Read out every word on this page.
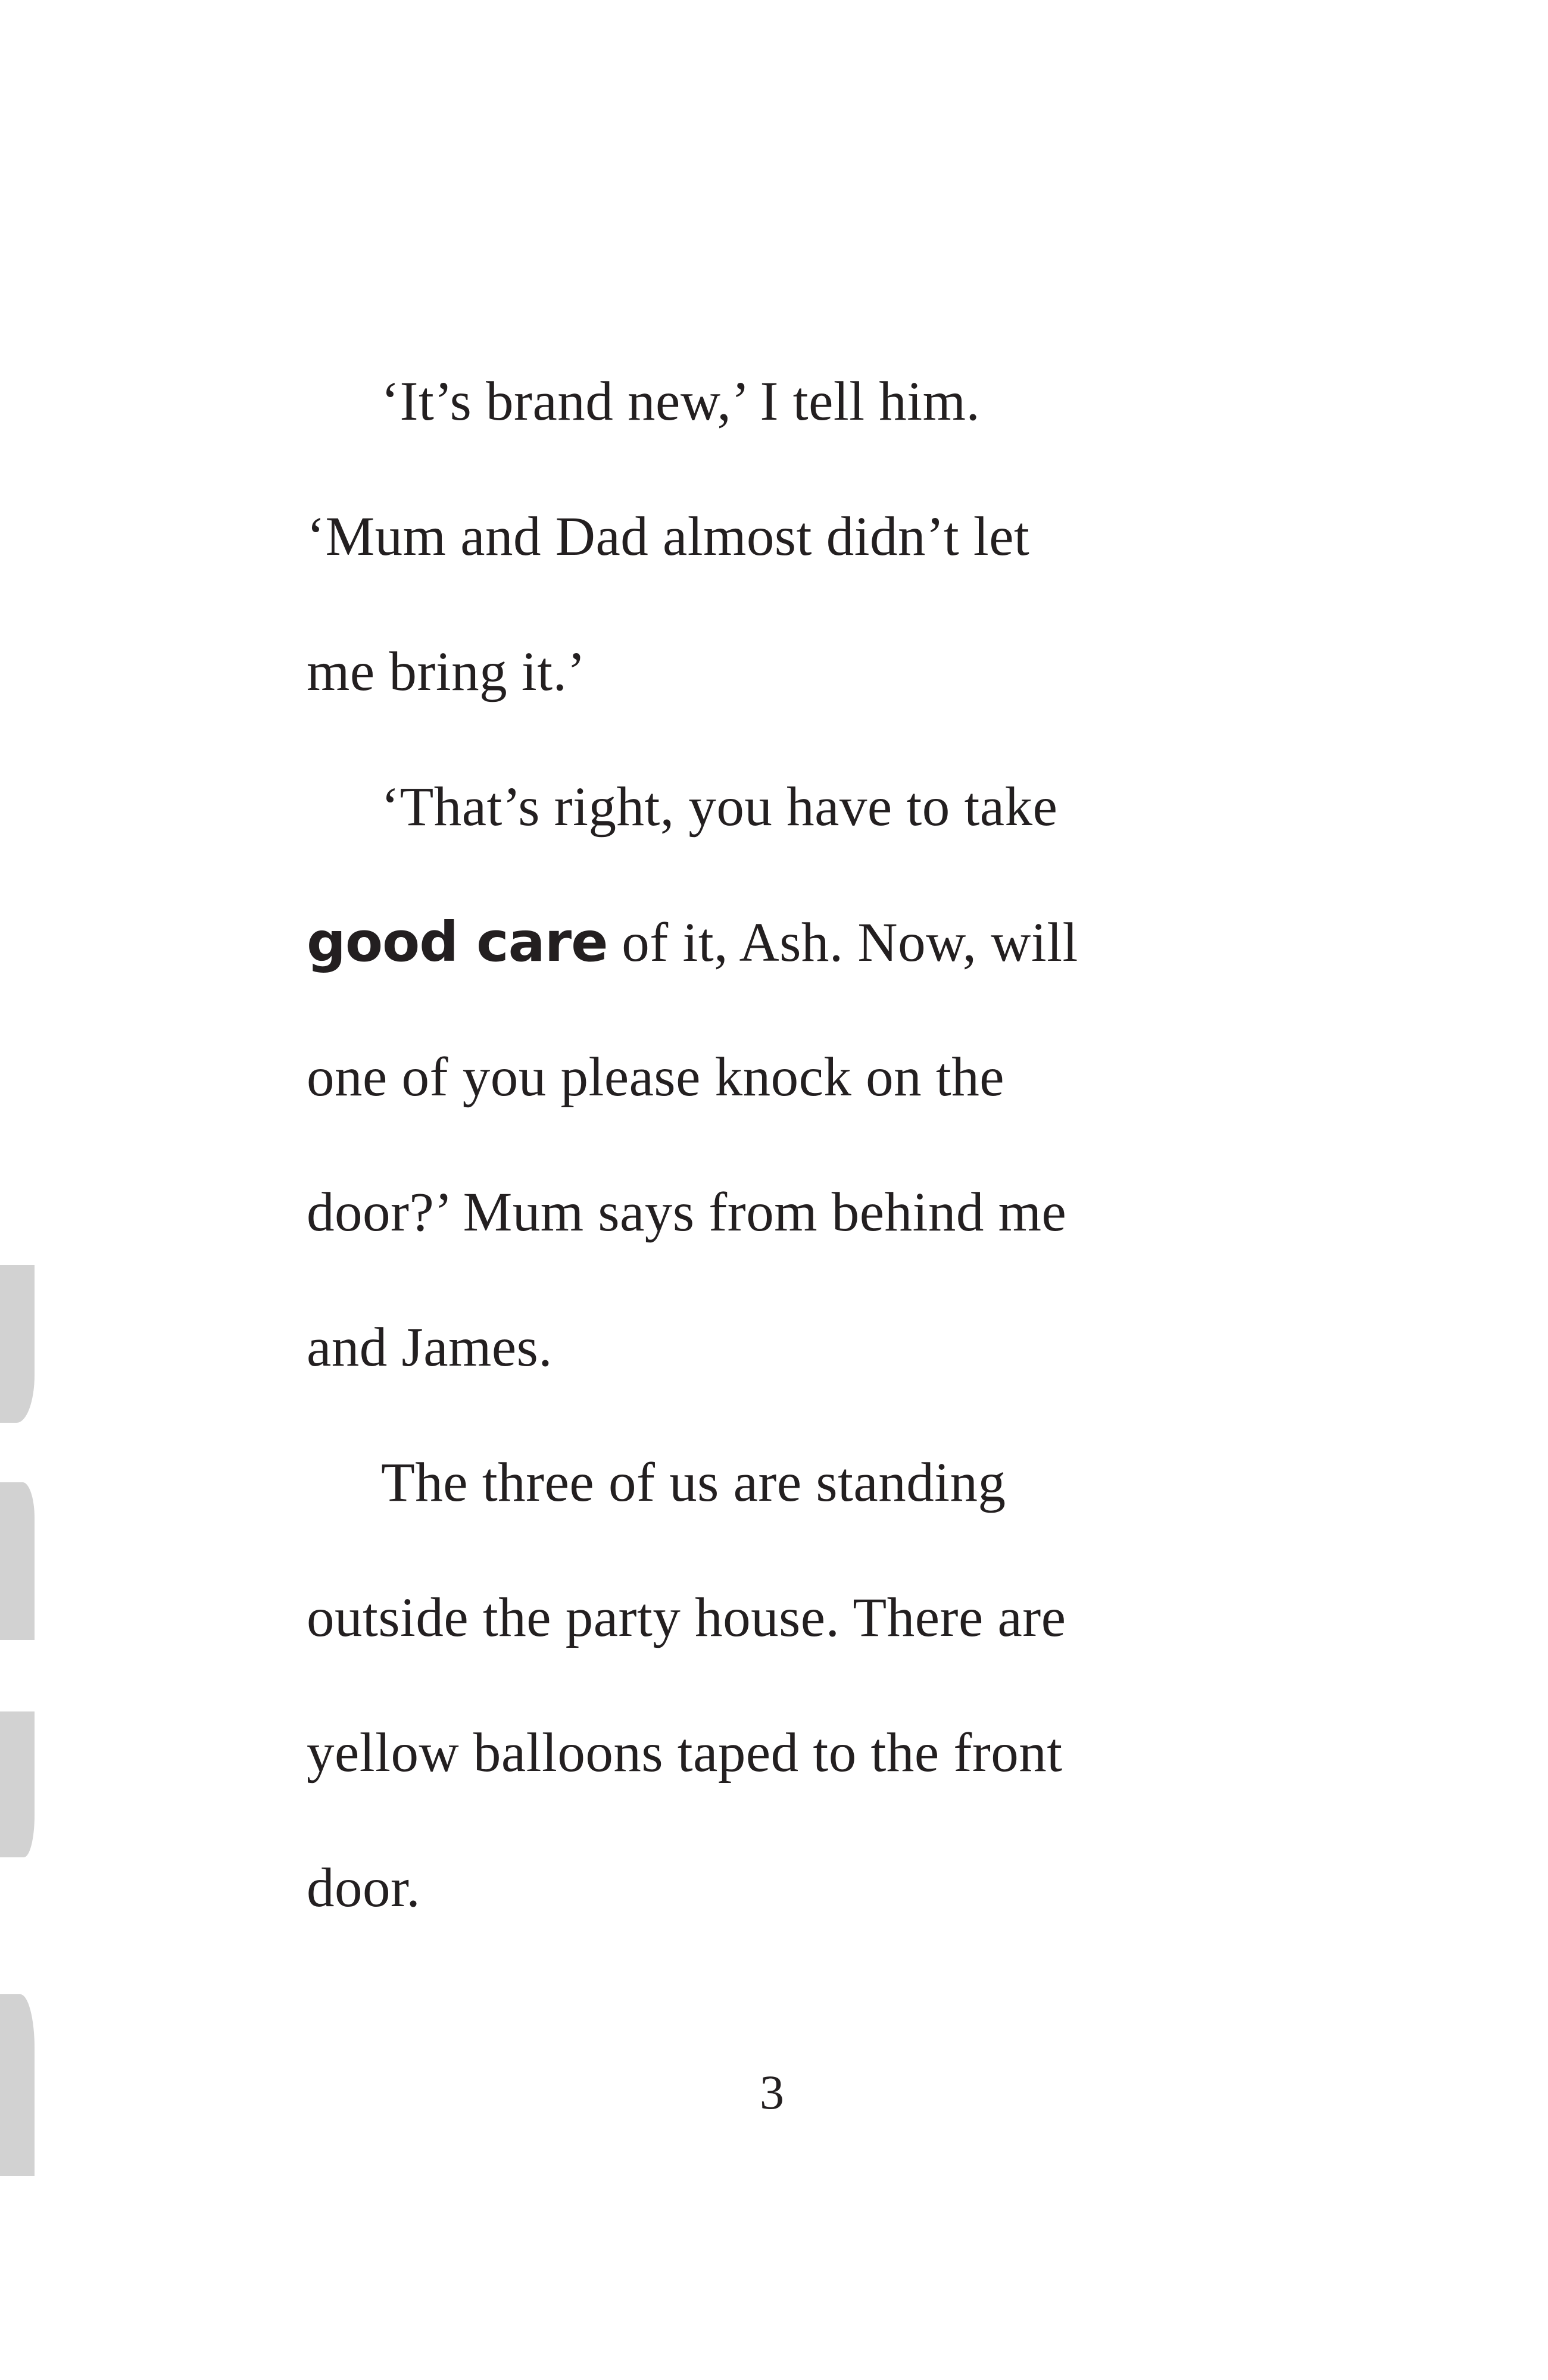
‘It’s brand new,’ I tell him.
‘Mum and Dad almost didn’t let
me bring it.’
‘That’s right, you have to take
good care of it, Ash. Now, will
one of you please knock on the
door?’ Mum says from behind me
and James.
The three of us are standing
outside the party house. There are
yellow balloons taped to the front
door.
3
